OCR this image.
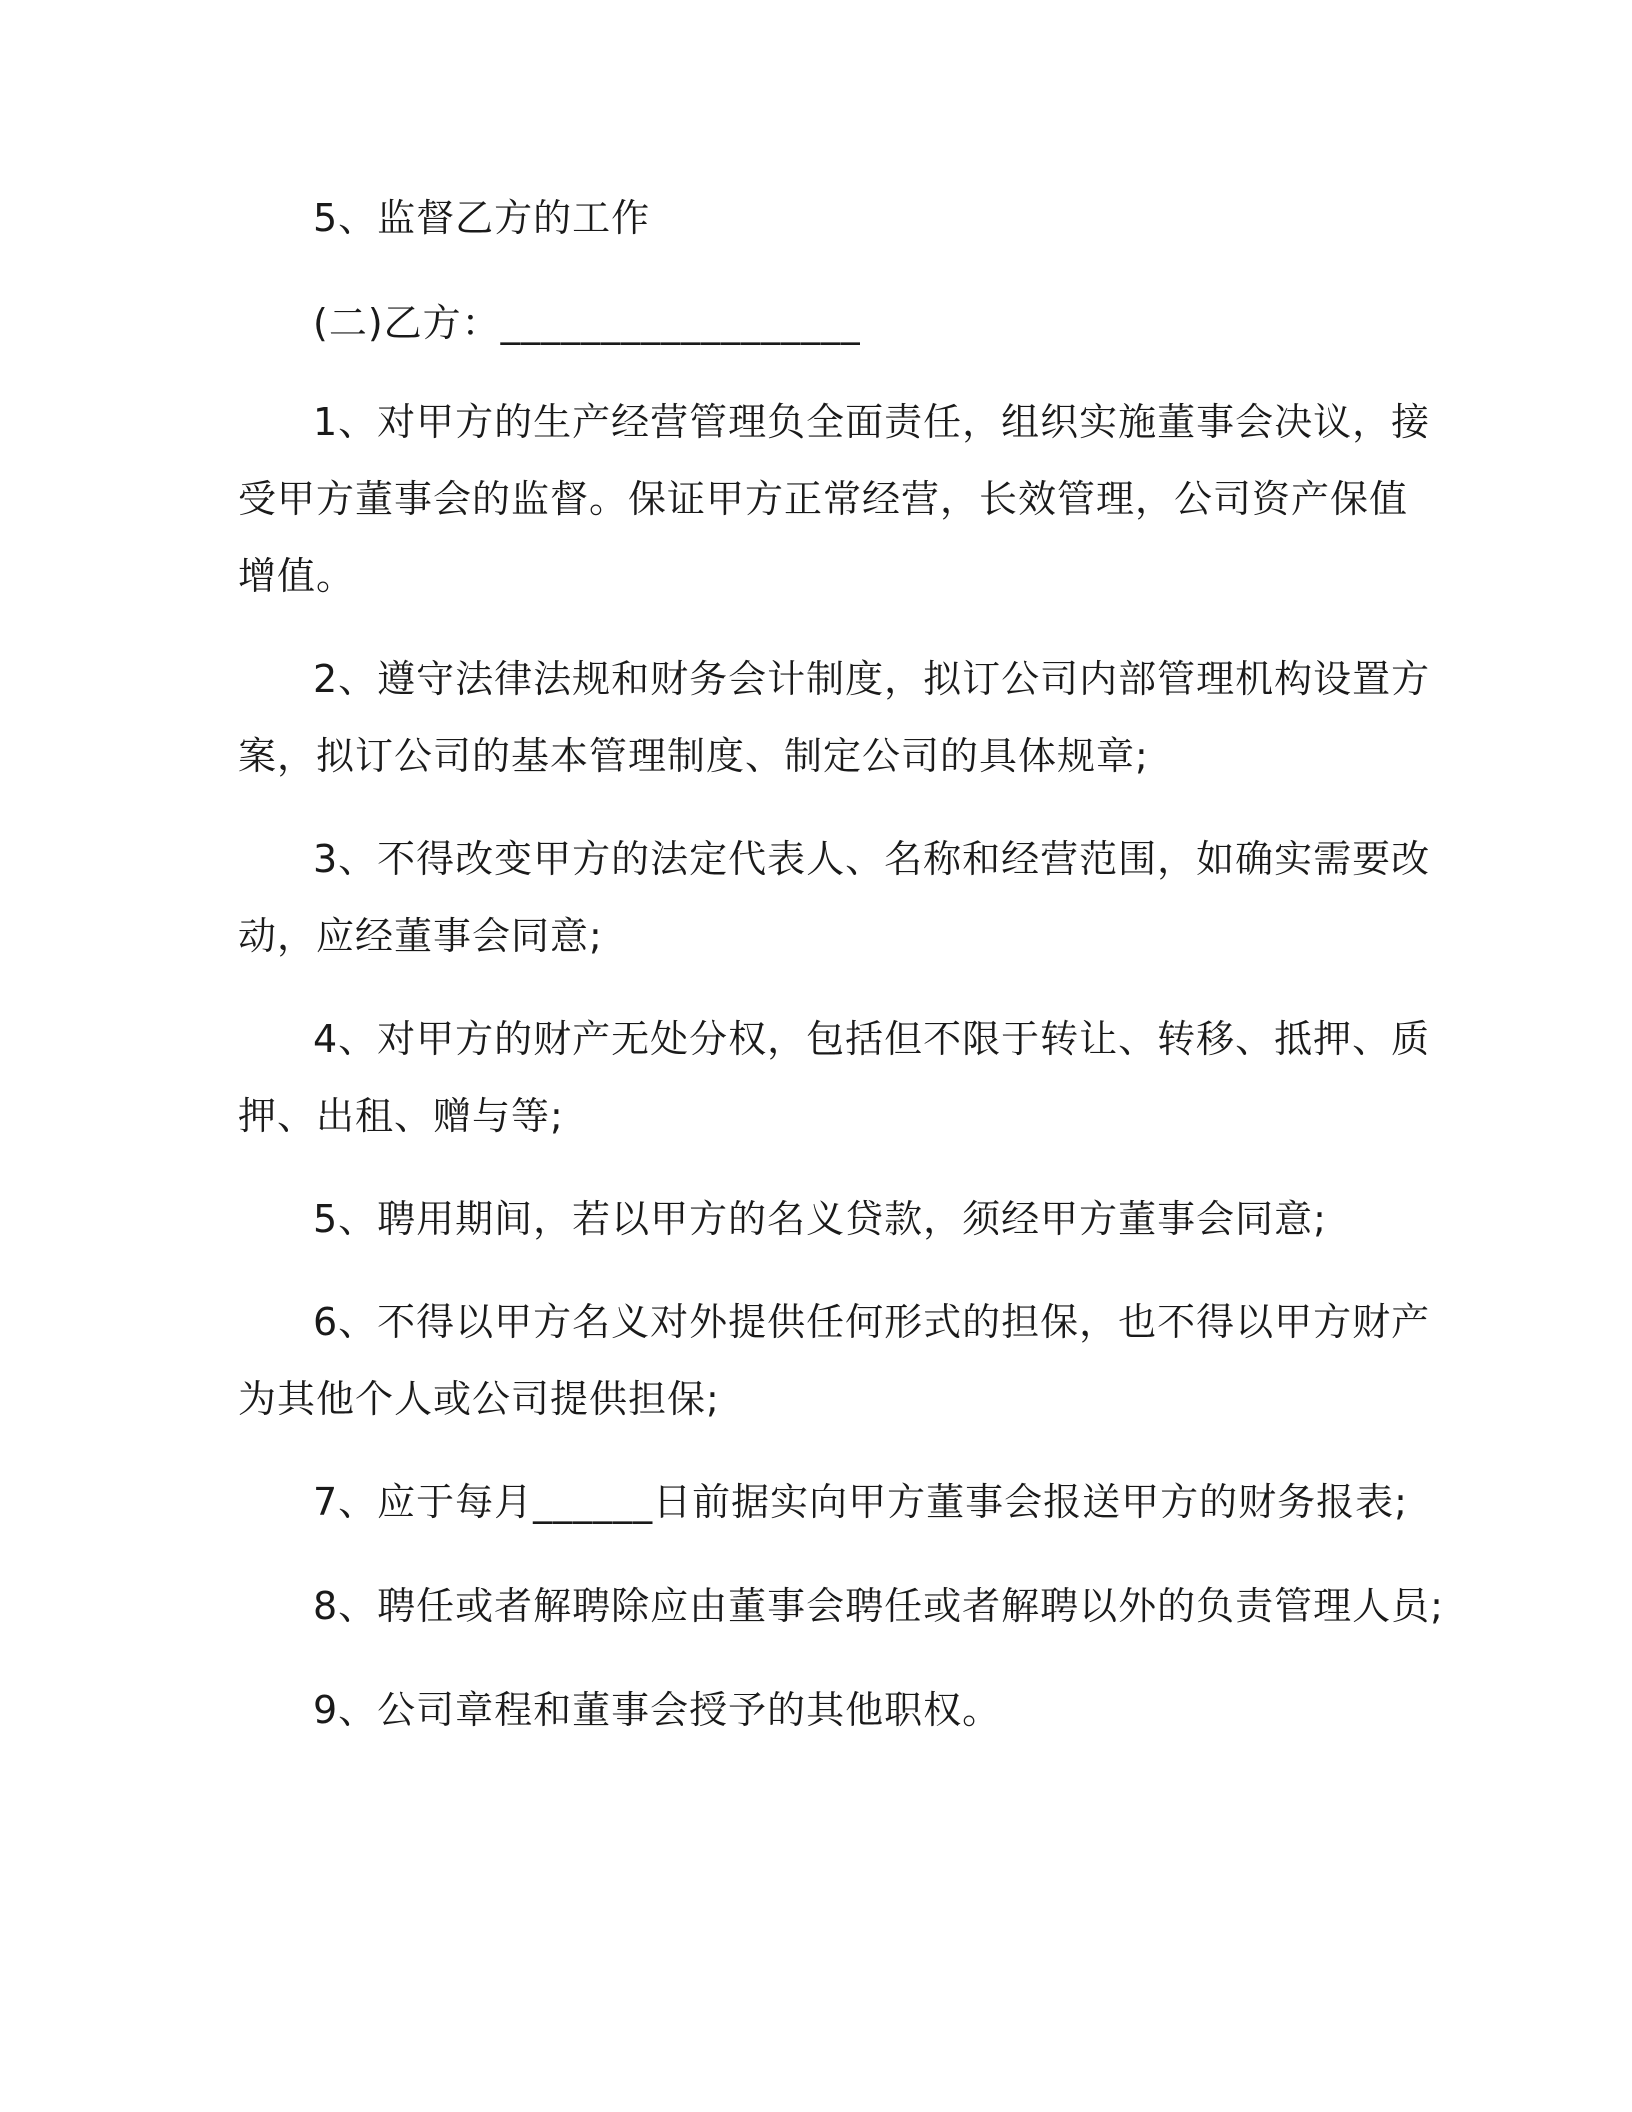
5、监督乙方的工作
(二)乙方：__________________
1、对甲方的生产经营管理负全面责任，组织实施董事会决议，接
受甲方董事会的监督。保证甲方正常经营，长效管理，公司资产保值
增值。
2、遵守法律法规和财务会计制度，拟订公司内部管理机构设置方
案，拟订公司的基本管理制度、制定公司的具体规章;
3、不得改变甲方的法定代表人、名称和经营范围，如确实需要改
动，应经董事会同意;
4、对甲方的财产无处分权，包括但不限于转让、转移、抵押、质
押、出租、赠与等;
5、聘用期间，若以甲方的名义贷款，须经甲方董事会同意;
6、不得以甲方名义对外提供任何形式的担保，也不得以甲方财产
为其他个人或公司提供担保;
7、应于每月______日前据实向甲方董事会报送甲方的财务报表;
8、聘任或者解聘除应由董事会聘任或者解聘以外的负责管理人员;
9、公司章程和董事会授予的其他职权。
